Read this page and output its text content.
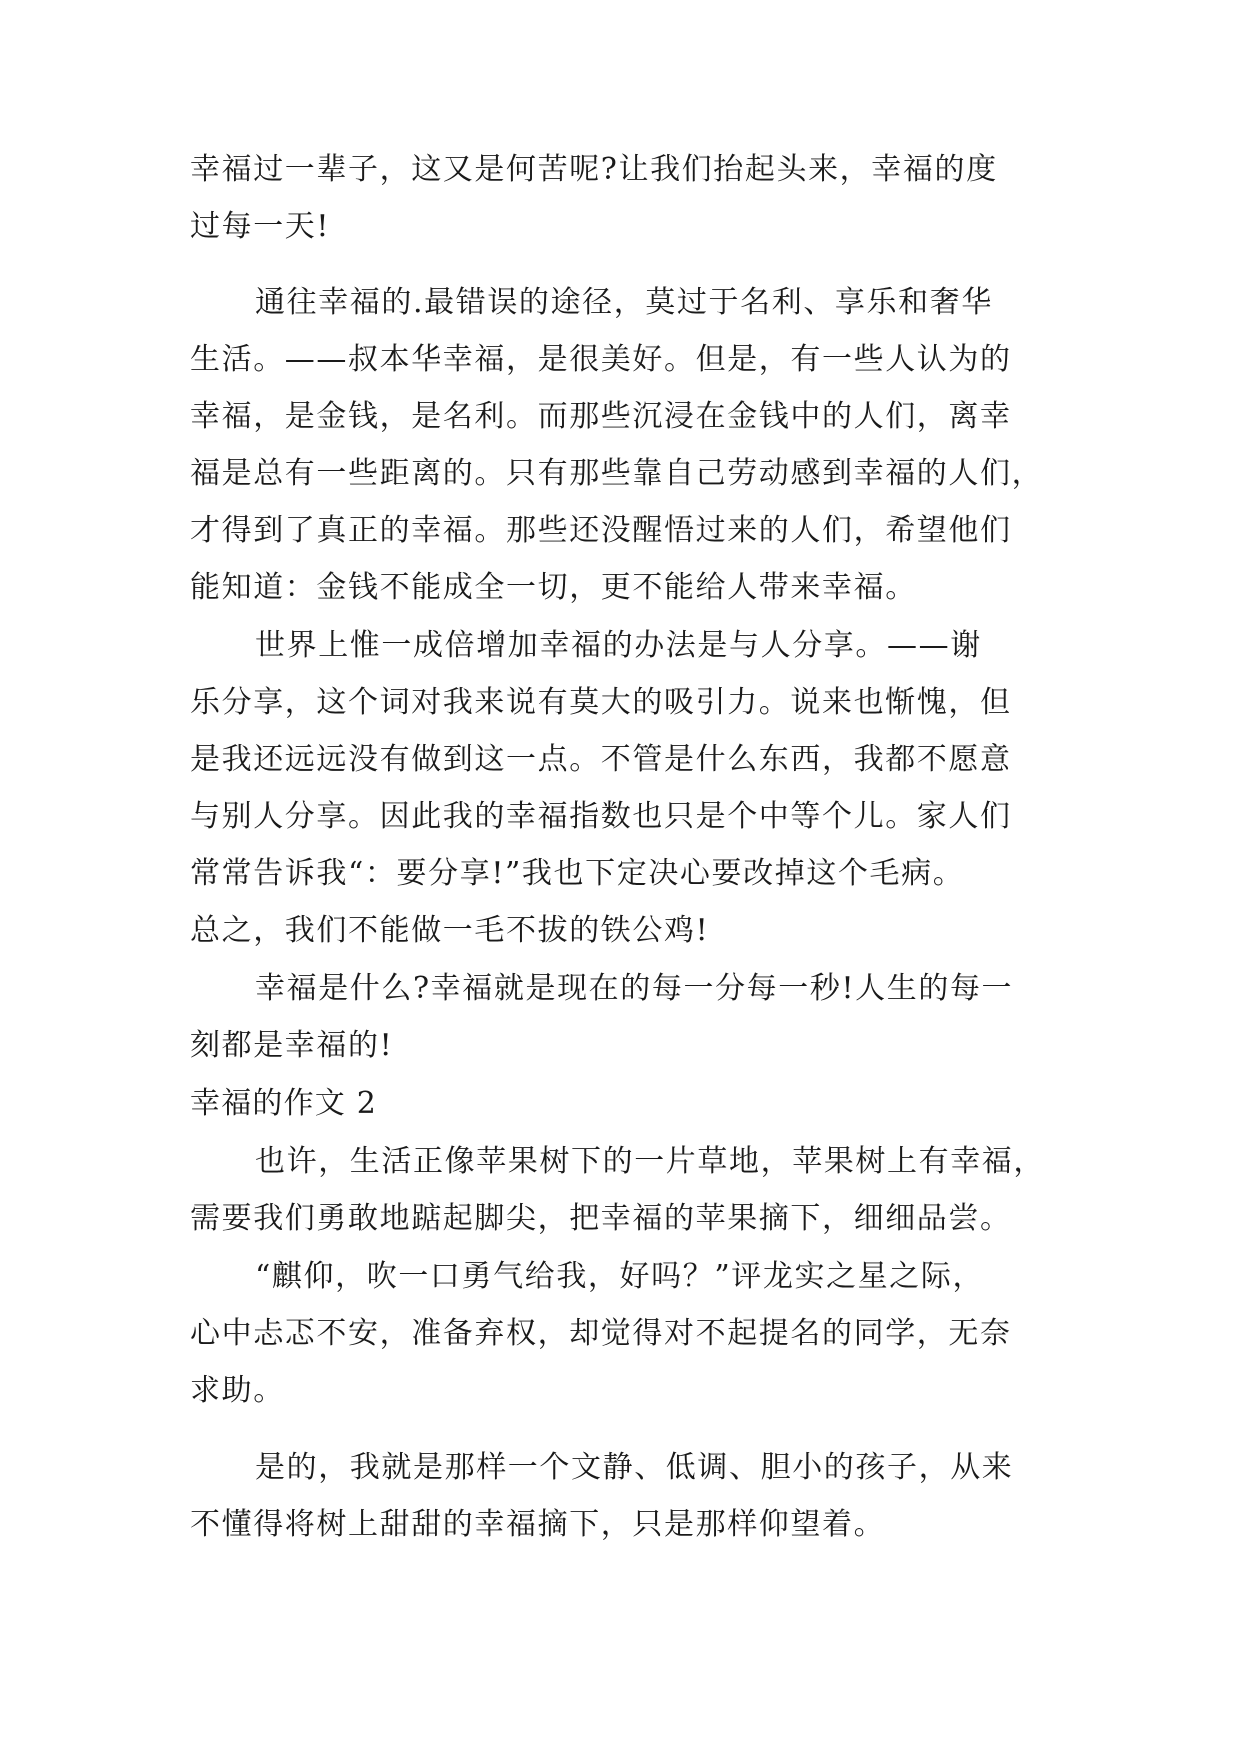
幸福过一辈子，这又是何苦呢?让我们抬起头来，幸福的度
过每一天!
通往幸福的.最错误的途径，莫过于名利、享乐和奢华
生活。——叔本华幸福，是很美好。但是，有一些人认为的
幸福，是金钱，是名利。而那些沉浸在金钱中的人们，离幸
福是总有一些距离的。只有那些靠自己劳动感到幸福的人们，
才得到了真正的幸福。那些还没醒悟过来的人们，希望他们
能知道：金钱不能成全一切，更不能给人带来幸福。
世界上惟一成倍增加幸福的办法是与人分享。——谢
乐分享，这个词对我来说有莫大的吸引力。说来也惭愧，但
是我还远远没有做到这一点。不管是什么东西，我都不愿意
与别人分享。因此我的幸福指数也只是个中等个儿。家人们
常常告诉我“：要分享!”我也下定决心要改掉这个毛病。
总之，我们不能做一毛不拔的铁公鸡!
幸福是什么?幸福就是现在的每一分每一秒!人生的每一
刻都是幸福的!
幸福的作文 2
也许，生活正像苹果树下的一片草地，苹果树上有幸福，
需要我们勇敢地踮起脚尖，把幸福的苹果摘下，细细品尝。
“麒仰，吹一口勇气给我，好吗？”评龙实之星之际，
心中忐忑不安，准备弃权，却觉得对不起提名的同学，无奈
求助。
是的，我就是那样一个文静、低调、胆小的孩子，从来
不懂得将树上甜甜的幸福摘下，只是那样仰望着。
